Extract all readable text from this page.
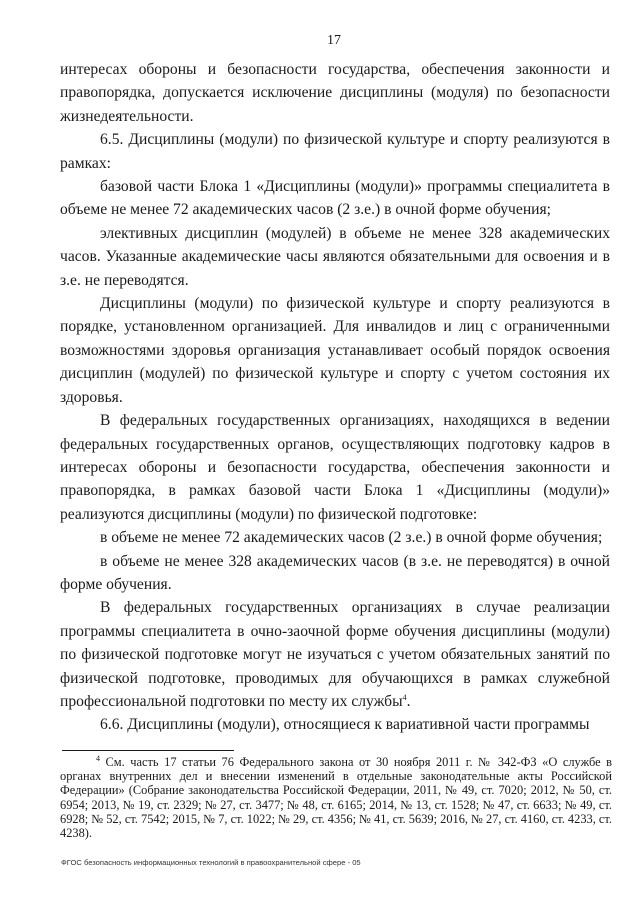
17

интересах обороны и безопасности государства, обеспечения законности и правопорядка, допускается исключение дисциплины (модуля) по безопасности жизнедеятельности.

6.5. Дисциплины (модули) по физической культуре и спорту реализуются в рамках:

базовой части Блока 1 «Дисциплины (модули)» программы специалитета в объеме не менее 72 академических часов (2 з.е.) в очной форме обучения;

элективных дисциплин (модулей) в объеме не менее 328 академических часов. Указанные академические часы являются обязательными для освоения и в з.е. не переводятся.

Дисциплины (модули) по физической культуре и спорту реализуются в порядке, установленном организацией. Для инвалидов и лиц с ограниченными возможностями здоровья организация устанавливает особый порядок освоения дисциплин (модулей) по физической культуре и спорту с учетом состояния их здоровья.

В федеральных государственных организациях, находящихся в ведении федеральных государственных органов, осуществляющих подготовку кадров в интересах обороны и безопасности государства, обеспечения законности и правопорядка, в рамках базовой части Блока 1 «Дисциплины (модули)» реализуются дисциплины (модули) по физической подготовке:

в объеме не менее 72 академических часов (2 з.е.) в очной форме обучения;

в объеме не менее 328 академических часов (в з.е. не переводятся) в очной форме обучения.

В федеральных государственных организациях в случае реализации программы специалитета в очно-заочной форме обучения дисциплины (модули) по физической подготовке могут не изучаться с учетом обязательных занятий по физической подготовке, проводимых для обучающихся в рамках служебной профессиональной подготовки по месту их службы$^4$.

6.6. Дисциплины (модули), относящиеся к вариативной части программы

$^4$ См. часть 17 статьи 76 Федерального закона от 30 ноября 2011 г. № 342-ФЗ «О службе в органах внутренних дел и внесении изменений в отдельные законодательные акты Российской Федерации» (Собрание законодательства Российской Федерации, 2011, № 49, ст. 7020; 2012, № 50, ст. 6954; 2013, № 19, ст. 2329; № 27, ст. 3477; № 48, ст. 6165; 2014, № 13, ст. 1528; № 47, ст. 6633; № 49, ст. 6928; № 52, ст. 7542; 2015, № 7, ст. 1022; № 29, ст. 4356; № 41, ст. 5639; 2016, № 27, ст. 4160, ст. 4233, ст. 4238).

ФГОС безопасность информационных технологий в правоохранительной сфере - 05
